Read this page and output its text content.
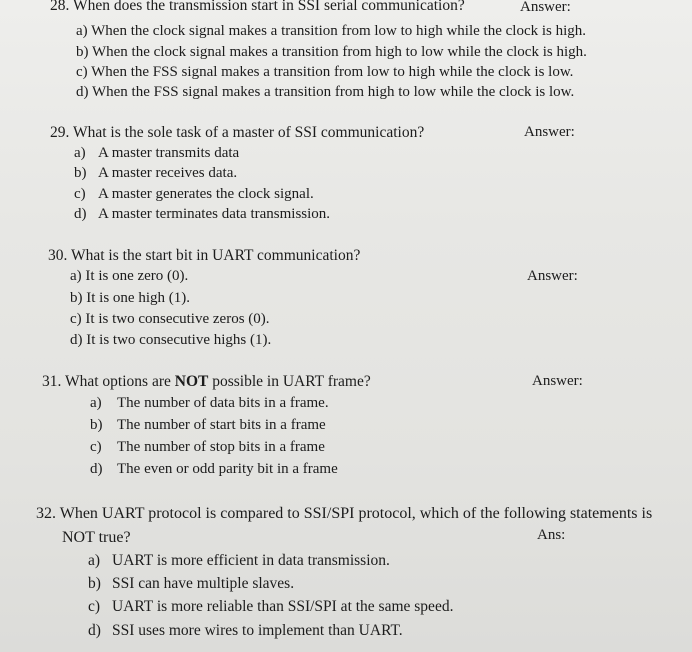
28. When does the transmission start in SSI serial communication?	Answer:
a) When the clock signal makes a transition from low to high while the clock is high.
b) When the clock signal makes a transition from high to low while the clock is high.
c) When the FSS signal makes a transition from low to high while the clock is low.
d) When the FSS signal makes a transition from high to low while the clock is low.
29. What is the sole task of a master of SSI communication?	Answer:
a) A master transmits data
b) A master receives data.
c) A master generates the clock signal.
d) A master terminates data transmission.
30. What is the start bit in UART communication?
Answer:
a) It is one zero (0).
b) It is one high (1).
c) It is two consecutive zeros (0).
d) It is two consecutive highs (1).
31. What options are NOT possible in UART frame?	Answer:
a) The number of data bits in a frame.
b) The number of start bits in a frame
c) The number of stop bits in a frame
d) The even or odd parity bit in a frame
32. When UART protocol is compared to SSI/SPI protocol, which of the following statements is
NOT true?	Ans:
a) UART is more efficient in data transmission.
b) SSI can have multiple slaves.
c) UART is more reliable than SSI/SPI at the same speed.
d) SSI uses more wires to implement than UART.
